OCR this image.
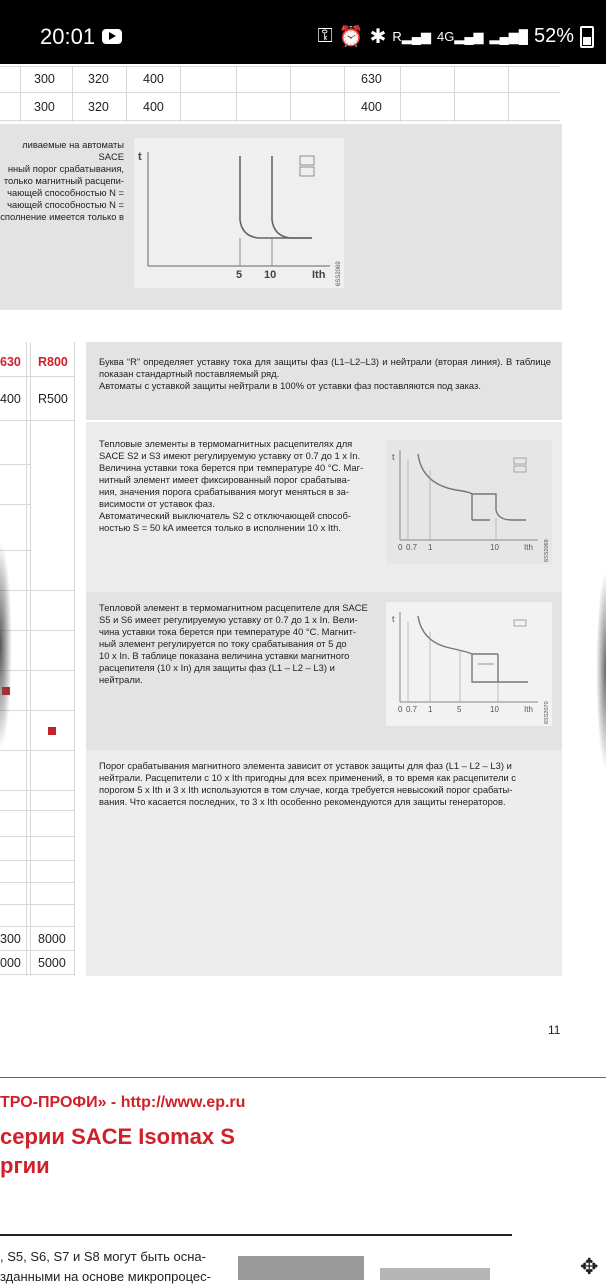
20:01	⚿ ⏰ ✱ R▂▄▆ 4G▂▄▆ ▂▄▆█ 52%
300	320	400	630
300	320	400	400
ливаемые на автоматы SACE
нный порог срабатывания,
только магнитный расцепи-
чающей способностью N =
чающей способностью N =
сполнение имеется только в
t
5 10	Ith 6SS2069
630 R800
400 R500
300 8000
000 5000
Буква “R” определяет уставку тока для защиты фаз (L1–L2–L3) и нейтрали (вторая линия). В таблице показан стандартный поставляемый ряд.
Автоматы с уставкой защиты нейтрали в 100% от уставки фаз поставляются под заказ.
Тепловые элементы в термомагнитных расцепителях для
SACE S2 и S3 имеют регулируемую уставку от 0.7 до 1 х In.
Величина уставки тока берется при температуре 40 °C. Маг-
нитный элемент имеет фиксированный порог срабатыва-
ния, значения порога срабатывания могут меняться в за-
висимости от уставок фаз.
Автоматический выключатель S2 с отключающей способ-
ностью S = 50 kA имеется только в исполнении 10 х Ith.
t
0 0.7 1	10	Ith 6SS2068
Тепловой элемент в термомагнитном расцепителе для SACE
S5 и S6 имеет регулируемую уставку от 0.7 до 1 х In. Вели-
чина уставки тока берется при температуре 40 °C. Магнит-
ный элемент регулируется по току срабатывания от 5 до
10 х In. В таблице показана величина уставки магнитного
расцепителя (10 х In) для защиты фаз (L1 – L2 – L3) и
нейтрали.
t
0 0.7 1	5	10	Ith 6SS2070
Порог срабатывания магнитного элемента зависит от уставок защиты для фаз (L1 – L2 – L3) и
нейтрали. Расцепители с 10 х Ith пригодны для всех применений, в то время как расцепители с
порогом 5 х Ith и 3 х Ith используются в том случае, когда требуется невысокий порог срабаты-
вания. Что касается последних, то 3 х Ith особенно рекомендуются для защиты генераторов.
11
ТРО-ПРОФИ» - http://www.ep.ru
серии SACE Isomax S
ргии
, S5, S6, S7 и S8 могут быть осна-
зданными на основе микропроцес-	✥
